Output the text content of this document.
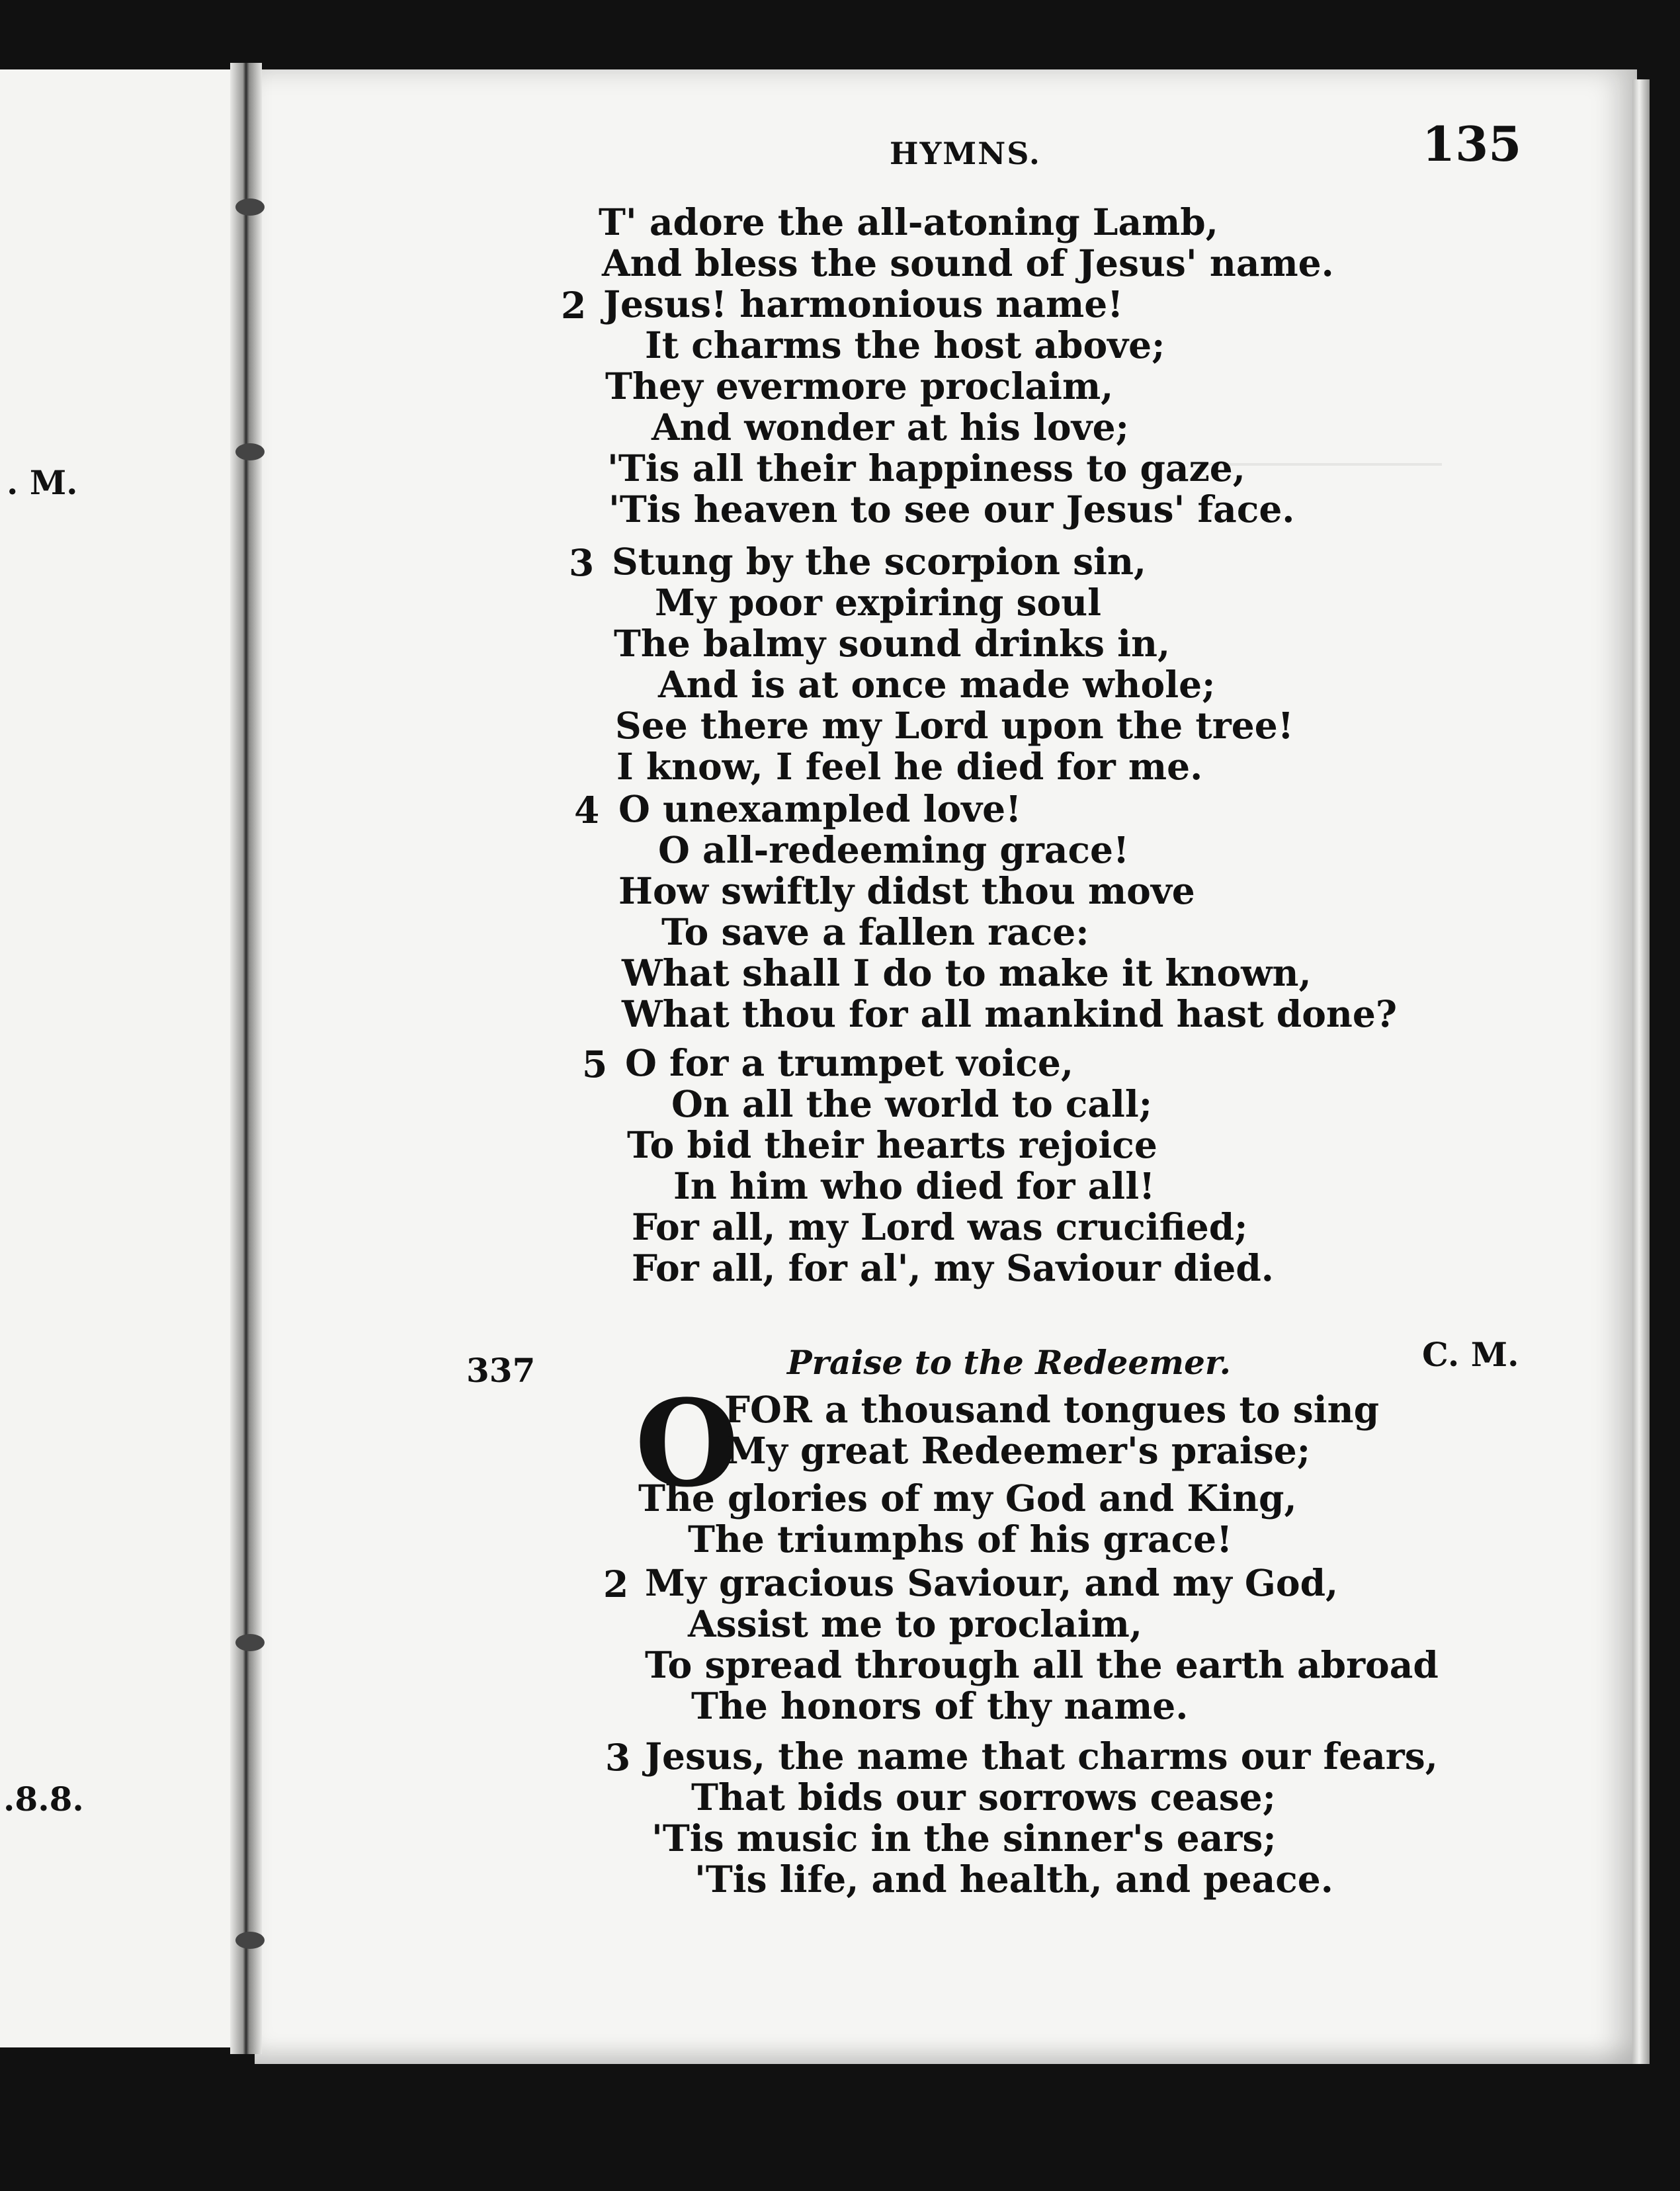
. M.
.8.8.
HYMNS.	135
T' adore the all-atoning Lamb,
And bless the sound of Jesus' name.
2 Jesus! harmonious name!
It charms the host above;
They evermore proclaim,
And wonder at his love;
'Tis all their happiness to gaze,
'Tis heaven to see our Jesus' face.
3 Stung by the scorpion sin,
My poor expiring soul
The balmy sound drinks in,
And is at once made whole;
See there my Lord upon the tree!
I know, I feel he died for me.
4 O unexampled love!
O all-redeeming grace!
How swiftly didst thou move
To save a fallen race:
What shall I do to make it known,
What thou for all mankind hast done?
5 O for a trumpet voice,
On all the world to call;
To bid their hearts rejoice
In him who died for all!
For all, my Lord was crucified;
For all, for al', my Saviour died.
337	Praise to the Redeemer.	C. M.
O
FOR a thousand tongues to sing
My great Redeemer's praise;
The glories of my God and King,
The triumphs of his grace!
2 My gracious Saviour, and my God,
Assist me to proclaim,
To spread through all the earth abroad
The honors of thy name.
3 Jesus, the name that charms our fears,
That bids our sorrows cease;
'Tis music in the sinner's ears;
'Tis life, and health, and peace.
